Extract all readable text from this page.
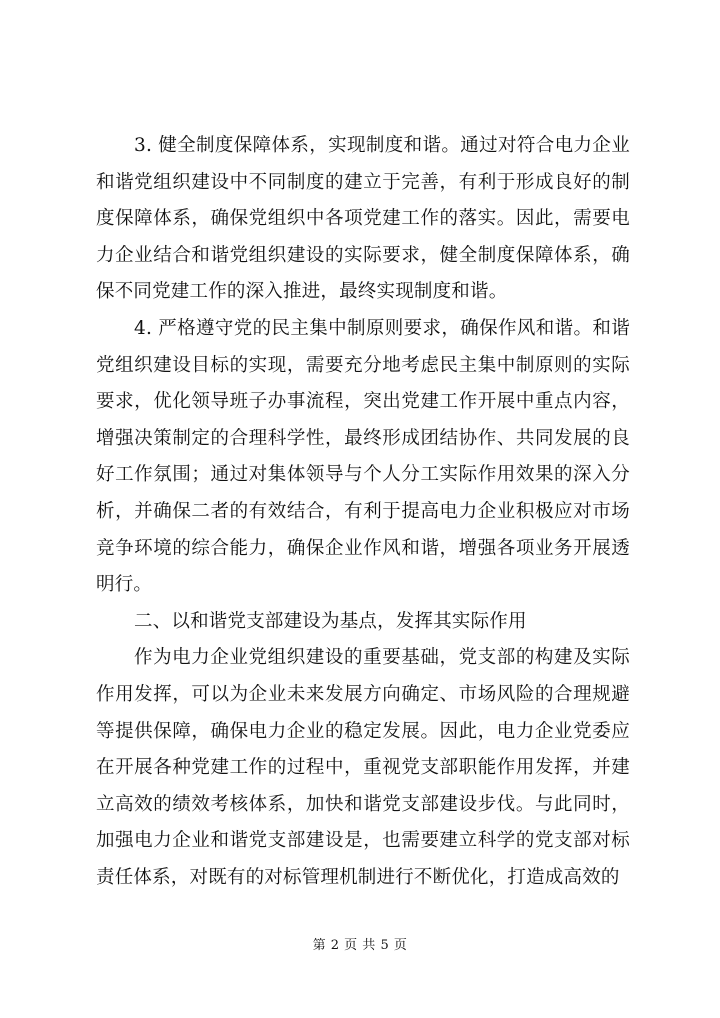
3. 健全制度保障体系，实现制度和谐。通过对符合电力企业和谐党组织建设中不同制度的建立于完善，有利于形成良好的制度保障体系，确保党组织中各项党建工作的落实。因此，需要电力企业结合和谐党组织建设的实际要求，健全制度保障体系，确保不同党建工作的深入推进，最终实现制度和谐。

4. 严格遵守党的民主集中制原则要求，确保作风和谐。和谐党组织建设目标的实现，需要充分地考虑民主集中制原则的实际要求，优化领导班子办事流程，突出党建工作开展中重点内容，增强决策制定的合理科学性，最终形成团结协作、共同发展的良好工作氛围；通过对集体领导与个人分工实际作用效果的深入分析，并确保二者的有效结合，有利于提高电力企业积极应对市场竞争环境的综合能力，确保企业作风和谐，增强各项业务开展透明行。

二、以和谐党支部建设为基点，发挥其实际作用

作为电力企业党组织建设的重要基础，党支部的构建及实际作用发挥，可以为企业未来发展方向确定、市场风险的合理规避等提供保障，确保电力企业的稳定发展。因此，电力企业党委应在开展各种党建工作的过程中，重视党支部职能作用发挥，并建立高效的绩效考核体系，加快和谐党支部建设步伐。与此同时，加强电力企业和谐党支部建设是，也需要建立科学的党支部对标责任体系，对既有的对标管理机制进行不断优化，打造成高效的

第 2 页 共 5 页
